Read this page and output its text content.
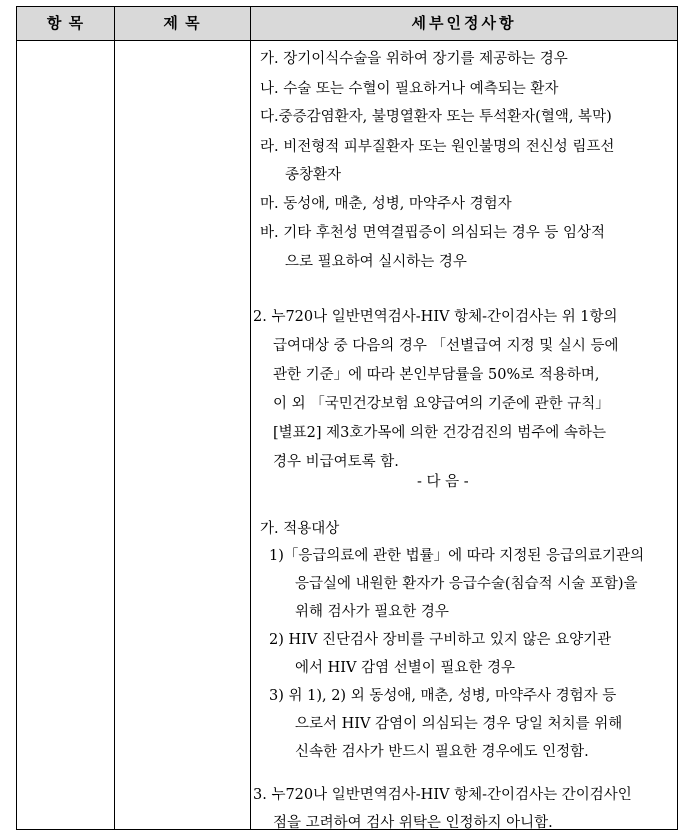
항 목	제 목	세부인정사항
가. 장기이식수술을 위하여 장기를 제공하는 경우
나. 수술 또는 수혈이 필요하거나 예측되는 환자
다.중증감염환자, 불명열환자 또는 투석환자(혈액, 복막)
라. 비전형적 피부질환자 또는 원인불명의 전신성 림프선
종창환자
마. 동성애, 매춘, 성병, 마약주사 경험자
바. 기타 후천성 면역결핍증이 의심되는 경우 등 임상적
으로 필요하여 실시하는 경우
2. 누720나 일반면역검사-HIV 항체-간이검사는 위 1항의
급여대상 중 다음의 경우 「선별급여 지정 및 실시 등에
관한 기준」에 따라 본인부담률을 50%로 적용하며,
이 외 「국민건강보험 요양급여의 기준에 관한 규칙」
[별표2] 제3호가목에 의한 건강검진의 범주에 속하는
경우 비급여토록 함.
- 다 음 -
가. 적용대상
1)「응급의료에 관한 법률」에 따라 지정된 응급의료기관의
응급실에 내원한 환자가 응급수술(침습적 시술 포함)을
위해 검사가 필요한 경우
2) HIV 진단검사 장비를 구비하고 있지 않은 요양기관
에서 HIV 감염 선별이 필요한 경우
3) 위 1), 2) 외 동성애, 매춘, 성병, 마약주사 경험자 등
으로서 HIV 감염이 의심되는 경우 당일 처치를 위해
신속한 검사가 반드시 필요한 경우에도 인정함.
3. 누720나 일반면역검사-HIV 항체-간이검사는 간이검사인
점을 고려하여 검사 위탁은 인정하지 아니함.
